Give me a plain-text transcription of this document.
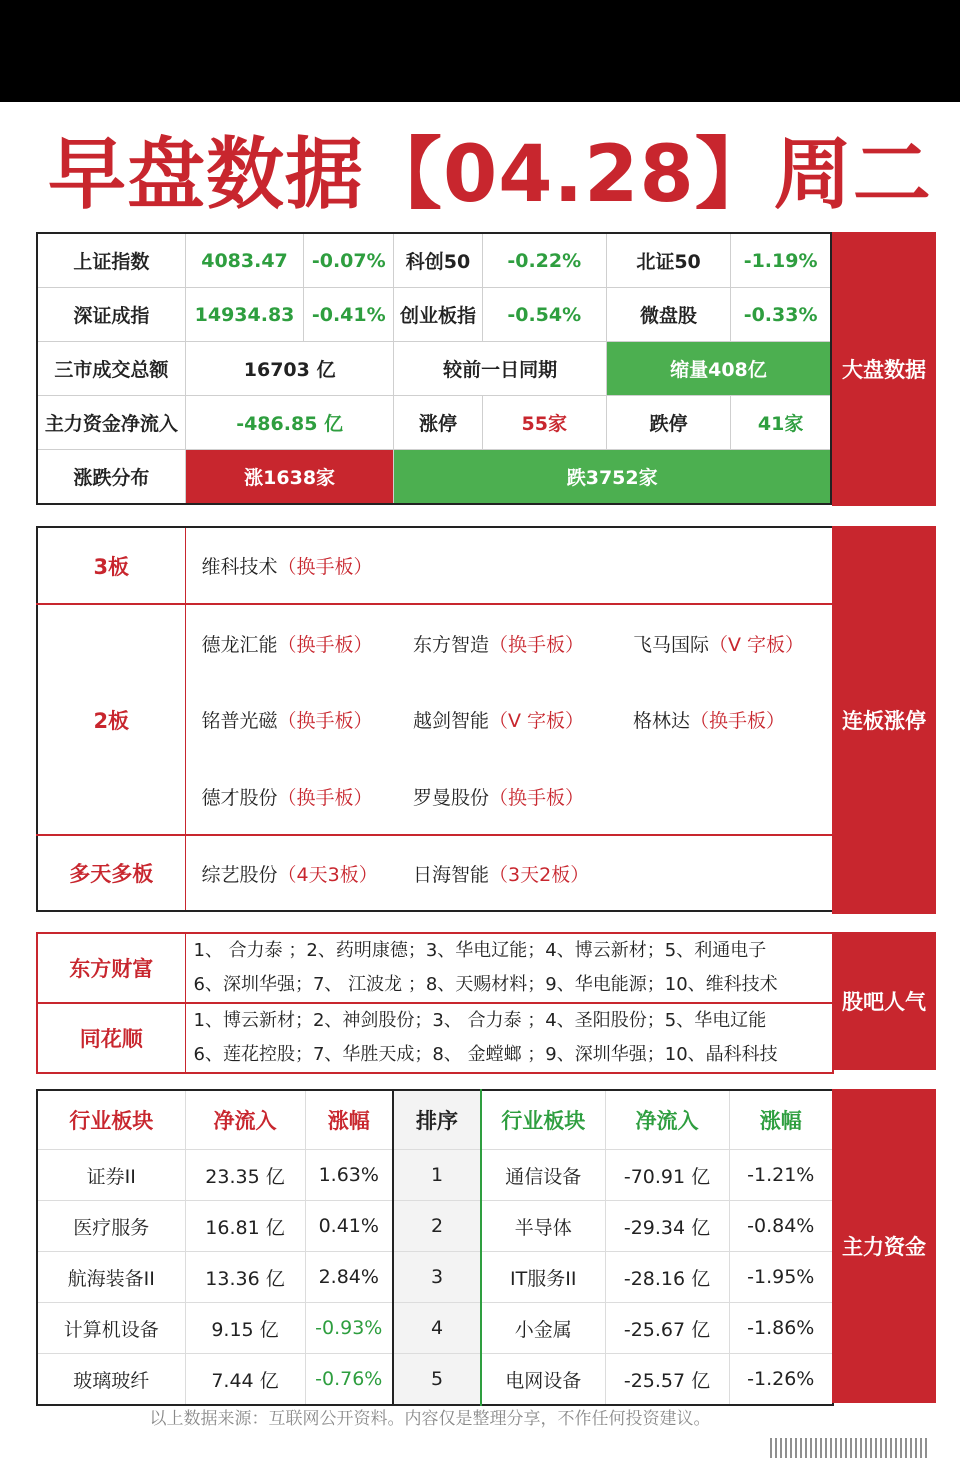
早盘数据【04.28】周二
上证指数	4083.47	-0.07%	科创50	-0.22%	北证50	-1.19%
深证成指	14934.83	-0.41%	创业板指	-0.54%	微盘股	-0.33%
三市成交总额	16703 亿		较前一日同期		缩量408亿	
主力资金净流入	-486.85 亿		涨停	55家	跌停	41家
涨跌分布	涨1638家		跌3752家			
大盘数据
3板	维科技术（换手板）		
2板	德龙汇能（换手板）	东方智造（换手板）	飞马国际（V 字板）
	铭普光磁（换手板）	越剑智能（V 字板）	格林达（换手板）
	德才股份（换手板）	罗曼股份（换手板）	
多天多板	综艺股份（4天3板）	日海智能（3天2板）	
连板涨停
东方财富	1、 合力泰 ；2、药明康德；3、华电辽能；4、博云新材；5、利通电子
6、深圳华强；7、 江波龙 ；8、天赐材料；9、华电能源；10、维科技术

同花顺	1、博云新材；2、神剑股份；3、 合力泰 ；4、圣阳股份；5、华电辽能
6、莲花控股；7、华胜天成；8、 金螳螂 ；9、深圳华强；10、晶科科技
股吧人气
行业板块	净流入	涨幅	排序	行业板块	净流入	涨幅
证券II	23.35 亿	1.63%	1	通信设备	-70.91 亿	-1.21%
医疗服务	16.81 亿	0.41%	2	半导体	-29.34 亿	-0.84%
航海装备II	13.36 亿	2.84%	3	IT服务II	-28.16 亿	-1.95%
计算机设备	9.15 亿	-0.93%	4	小金属	-25.67 亿	-1.86%
玻璃玻纤	7.44 亿	-0.76%	5	电网设备	-25.57 亿	-1.26%
主力资金
以上数据来源：互联网公开资料。内容仅是整理分享，不作任何投资建议。
